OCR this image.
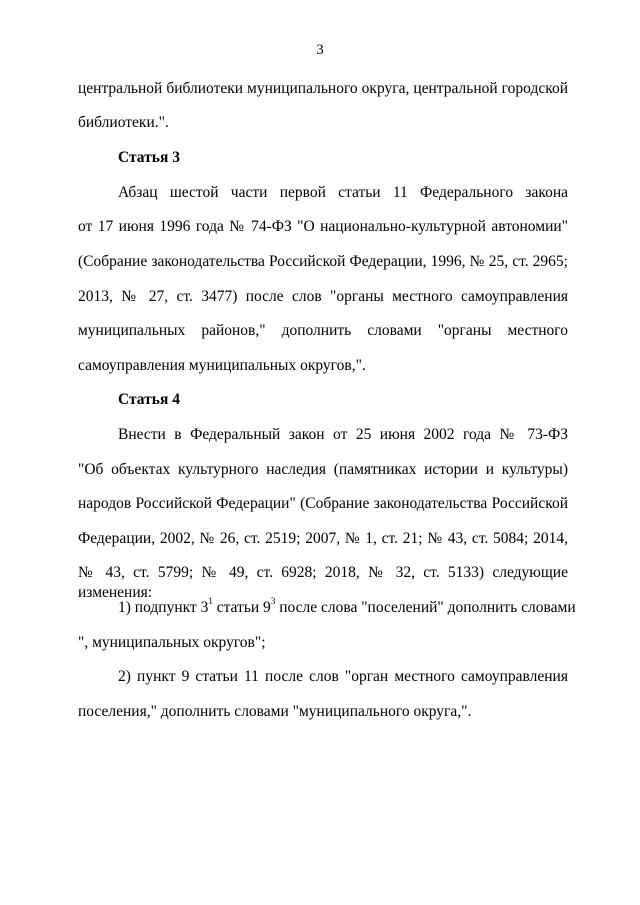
3
центральной библиотеки муниципального округа, центральной городской
библиотеки.".
Статья 3
Абзац шестой части первой статьи 11 Федерального закона
от 17 июня 1996 года № 74-ФЗ "О национально-культурной автономии"
(Собрание законодательства Российской Федерации, 1996, № 25, ст. 2965;
2013, № 27, ст. 3477) после слов "органы местного самоуправления
муниципальных районов," дополнить словами "органы местного
самоуправления муниципальных округов,".
Статья 4
Внести в Федеральный закон от 25 июня 2002 года № 73-ФЗ
"Об объектах культурного наследия (памятниках истории и культуры)
народов Российской Федерации" (Собрание законодательства Российской
Федерации, 2002, № 26, ст. 2519; 2007, № 1, ст. 21; № 43, ст. 5084; 2014,
№ 43, ст. 5799; № 49, ст. 6928; 2018, № 32, ст. 5133) следующие изменения:
1) подпункт $3^1$ статьи $9^3$ после слова "поселений" дополнить словами
", муниципальных округов";
2) пункт 9 статьи 11 после слов "орган местного самоуправления
поселения," дополнить словами "муниципального округа,".
